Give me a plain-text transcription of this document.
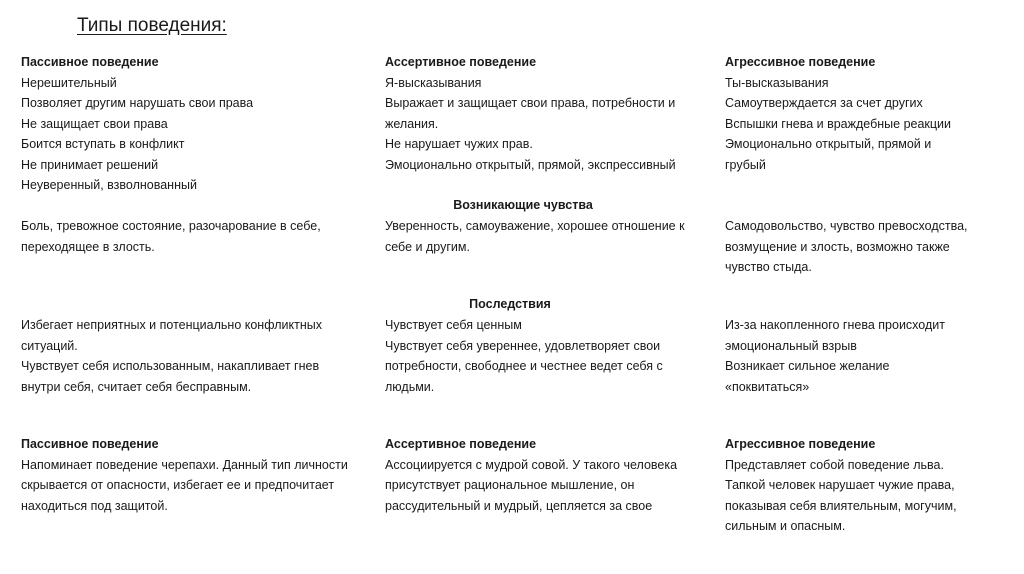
Типы поведения:
Пассивное поведение
Нерешительный
Позволяет другим нарушать свои права
Не защищает свои права
Боится вступать в конфликт
Не принимает решений
Неуверенный, взволнованный
Ассертивное поведение
Я-высказывания
Выражает и защищает свои права, потребности и
желания.
Не нарушает чужих прав.
Эмоционально открытый, прямой, экспрессивный
Агрессивное поведение
Ты-высказывания
Самоутверждается за счет других
Вспышки гнева и враждебные реакции
Эмоционально открытый, прямой и
грубый
Возникающие чувства
Боль, тревожное состояние, разочарование в себе,
переходящее в злость.
Уверенность, самоуважение, хорошее отношение к
себе и другим.
Самодовольство, чувство превосходства,
возмущение и злость, возможно также
чувство стыда.
Последствия
Избегает неприятных и потенциально конфликтных
ситуаций.
Чувствует себя использованным, накапливает гнев
внутри себя, считает себя бесправным.
Чувствует себя ценным
Чувствует себя увереннее, удовлетворяет свои
потребности, свободнее и честнее ведет себя с
людьми.
Из-за накопленного гнева происходит
эмоциональный взрыв
Возникает сильное желание
«поквитаться»
Пассивное поведение
Напоминает поведение черепахи. Данный тип личности
скрывается от опасности, избегает ее и предпочитает
находиться под защитой.
Ассертивное поведение
Ассоциируется с мудрой совой. У такого человека
присутствует рациональное мышление, он
рассудительный и мудрый, цепляется за свое
Агрессивное поведение
Представляет собой поведение льва.
Тапкой человек нарушает чужие права,
показывая себя влиятельным, могучим,
сильным и опасным.
